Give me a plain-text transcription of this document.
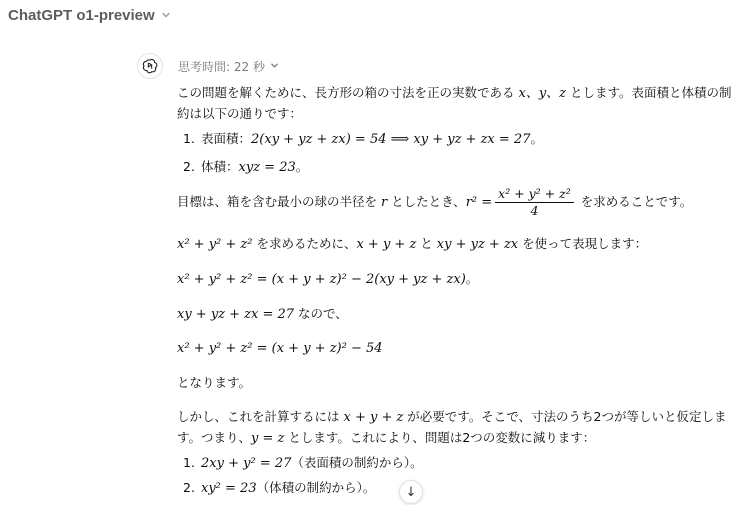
ChatGPT o1-preview
思考時間: 22 秒
この問題を解くために、長方形の箱の寸法を正の実数である x、y、z とします。表面積と体積の制
約は以下の通りです：
1. 表面積：2(xy + yz + zx) = 54 ⟹ xy + yz + zx = 27。
2. 体積：xyz = 23。
目標は、箱を含む最小の球の半径を r としたとき、$r^2 = \frac{\text{x² + y² + z²}}{4}$ を求めることです。
x² + y² + z² を求めるために、x + y + z と xy + yz + zx を使って表現します：
x² + y² + z² = (x + y + z)² − 2(xy + yz + zx)。
xy + yz + zx = 27 なので、
x² + y² + z² = (x + y + z)² − 54
となります。
しかし、これを計算するには x + y + z が必要です。そこで、寸法のうち2つが等しいと仮定しま
す。つまり、y = z とします。これにより、問題は2つの変数に減ります：
1. 2xy + y² = 27（表面積の制約から）。
2. xy² = 23（体積の制約から）。 ↓
